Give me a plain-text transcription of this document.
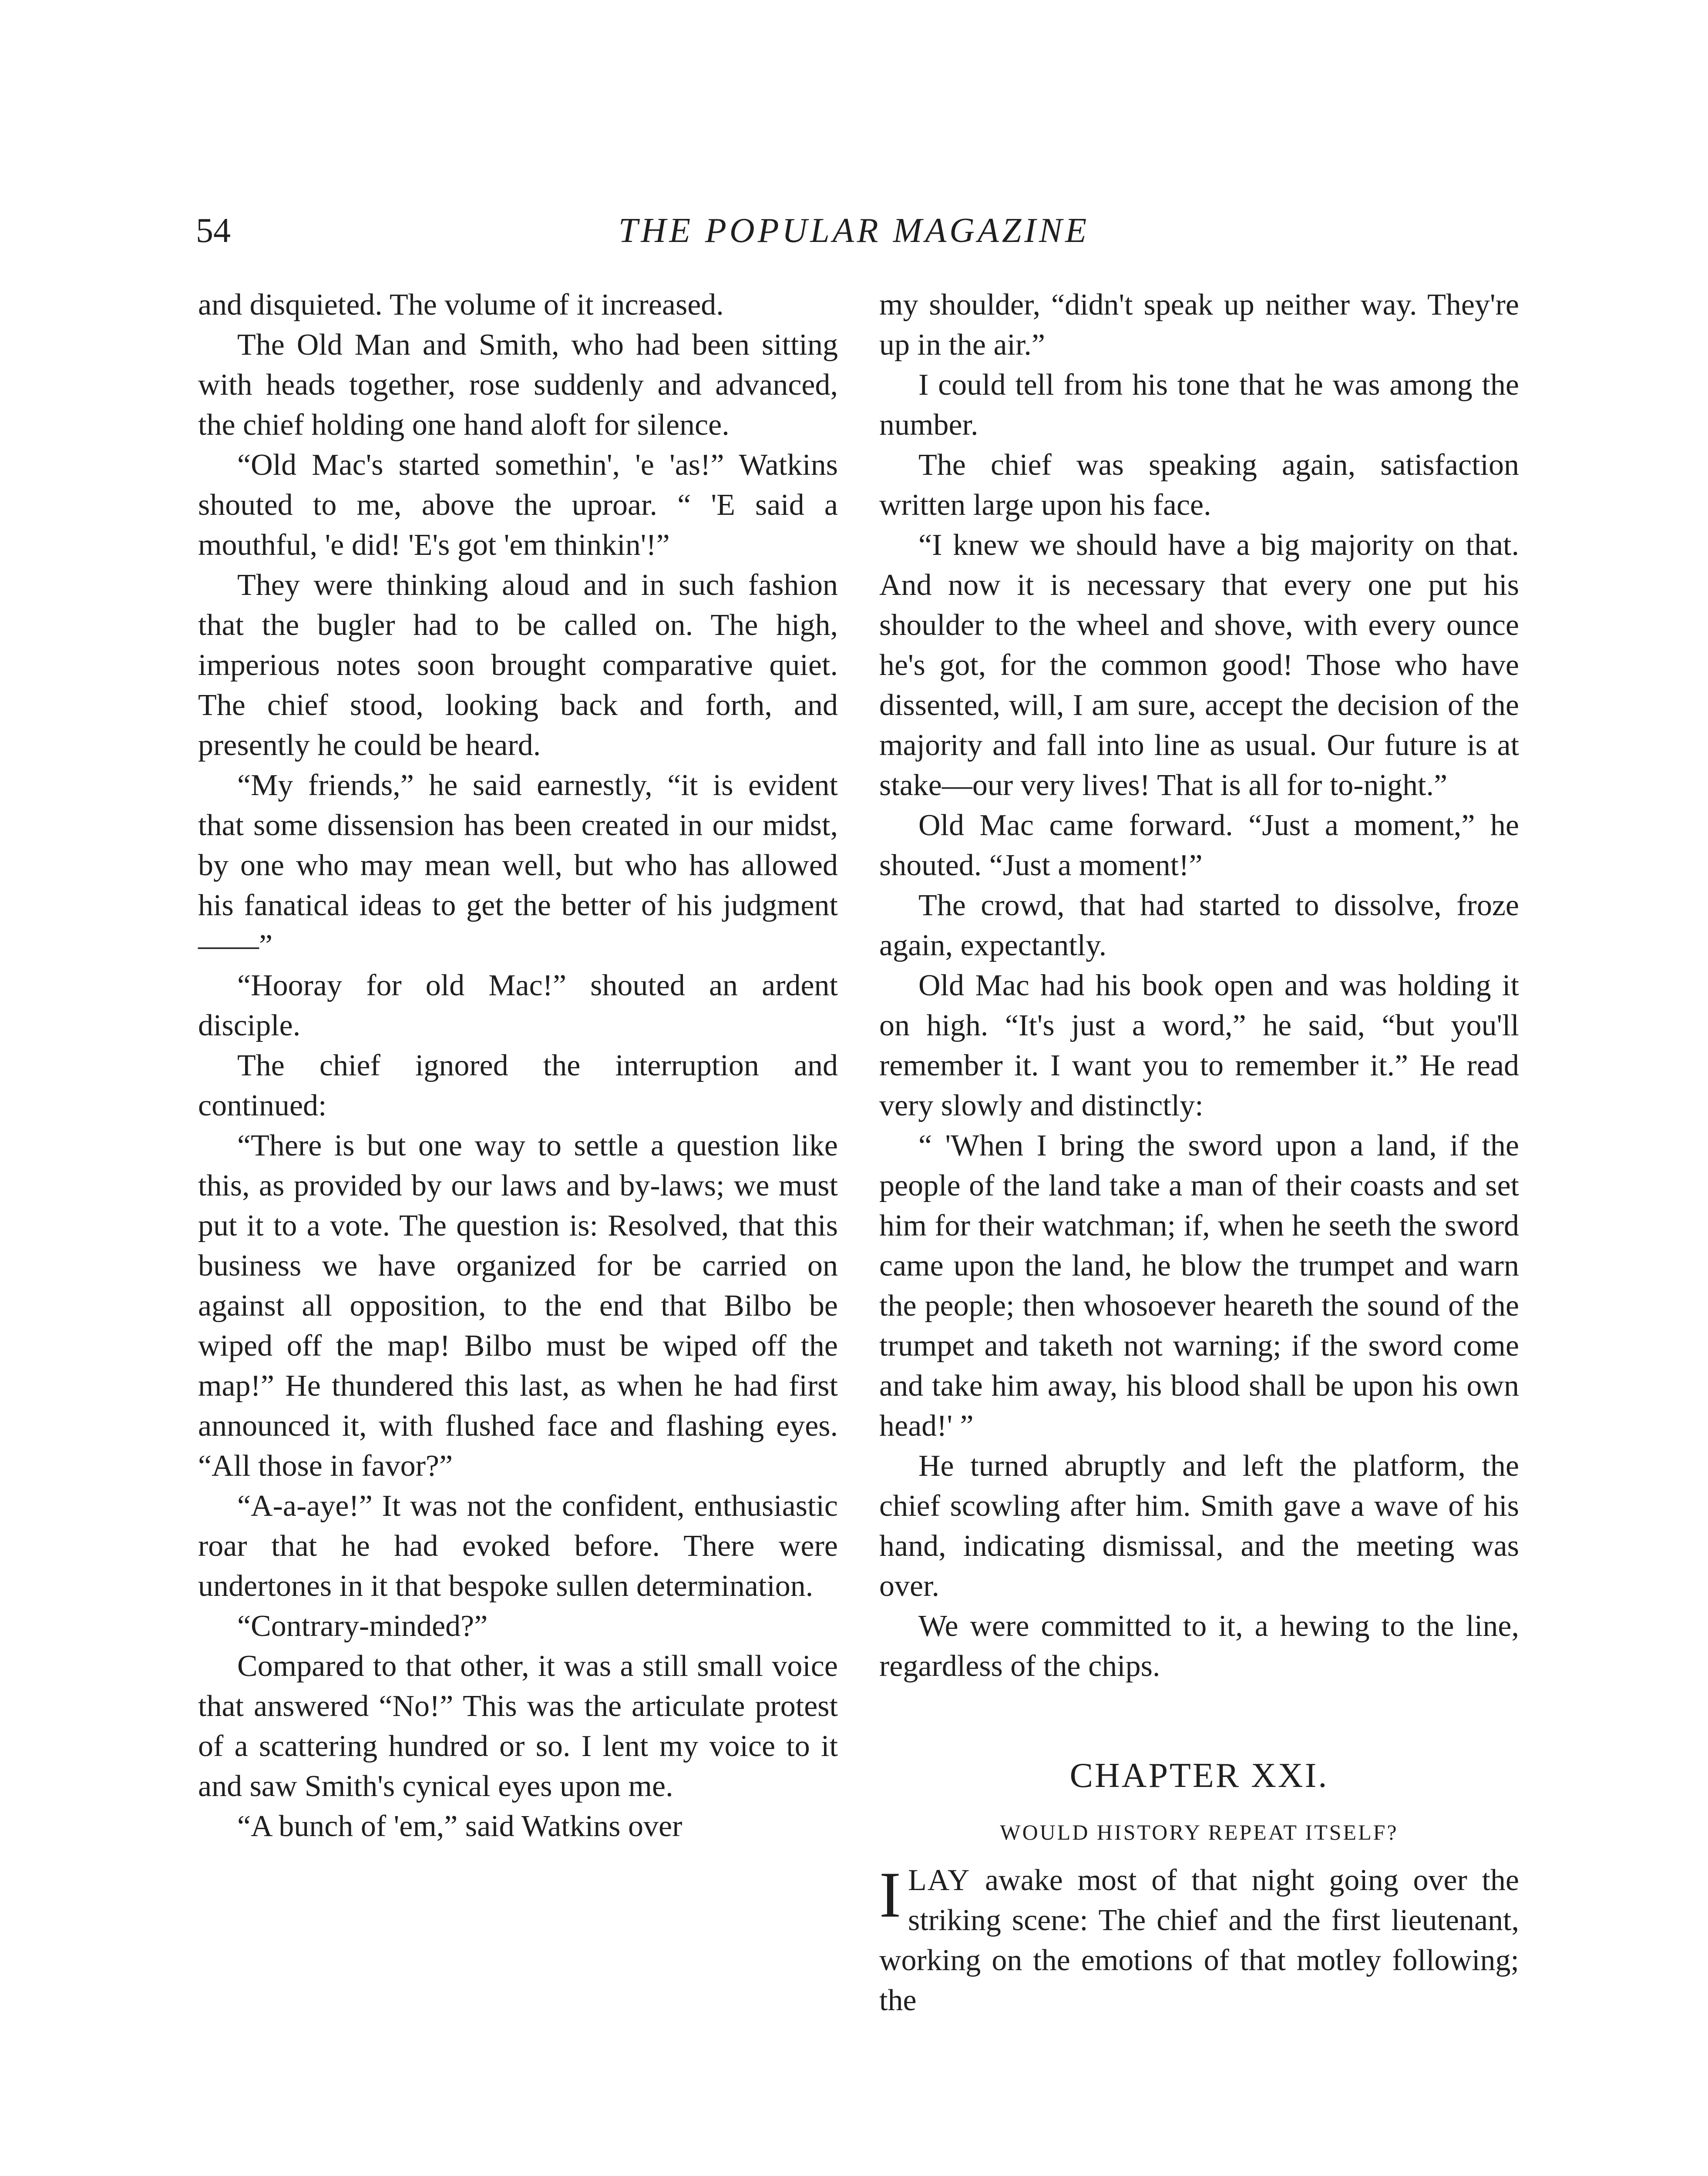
54	THE POPULAR MAGAZINE

and disquieted. The volume of it increased.

The Old Man and Smith, who had been sitting with heads together, rose suddenly and advanced, the chief holding one hand aloft for silence.

“Old Mac's started somethin', 'e 'as!” Watkins shouted to me, above the uproar. “ 'E said a mouthful, 'e did! 'E's got 'em thinkin'!”

They were thinking aloud and in such fashion that the bugler had to be called on. The high, imperious notes soon brought comparative quiet. The chief stood, looking back and forth, and presently he could be heard.

“My friends,” he said earnestly, “it is evident that some dissension has been created in our midst, by one who may mean well, but who has allowed his fanatical ideas to get the better of his judgment——”

“Hooray for old Mac!” shouted an ardent disciple.

The chief ignored the interruption and continued:

“There is but one way to settle a question like this, as provided by our laws and by-laws; we must put it to a vote. The question is: Resolved, that this business we have organized for be carried on against all opposition, to the end that Bilbo be wiped off the map! Bilbo must be wiped off the map!” He thundered this last, as when he had first announced it, with flushed face and flashing eyes. “All those in favor?”

“A-a-aye!” It was not the confident, enthusiastic roar that he had evoked before. There were undertones in it that bespoke sullen determination.

“Contrary-minded?”

Compared to that other, it was a still small voice that answered “No!” This was the articulate protest of a scattering hundred or so. I lent my voice to it and saw Smith's cynical eyes upon me.

“A bunch of 'em,” said Watkins over

my shoulder, “didn't speak up neither way. They're up in the air.”

I could tell from his tone that he was among the number.

The chief was speaking again, satisfaction written large upon his face.

“I knew we should have a big majority on that. And now it is necessary that every one put his shoulder to the wheel and shove, with every ounce he's got, for the common good! Those who have dissented, will, I am sure, accept the decision of the majority and fall into line as usual. Our future is at stake—our very lives! That is all for to-night.”

Old Mac came forward. “Just a moment,” he shouted. “Just a moment!”

The crowd, that had started to dissolve, froze again, expectantly.

Old Mac had his book open and was holding it on high. “It's just a word,” he said, “but you'll remember it. I want you to remember it.” He read very slowly and distinctly:

“ 'When I bring the sword upon a land, if the people of the land take a man of their coasts and set him for their watchman; if, when he seeth the sword came upon the land, he blow the trumpet and warn the people; then whosoever heareth the sound of the trumpet and taketh not warning; if the sword come and take him away, his blood shall be upon his own head!' ”

He turned abruptly and left the platform, the chief scowling after him. Smith gave a wave of his hand, indicating dismissal, and the meeting was over.

We were committed to it, a hewing to the line, regardless of the chips.

CHAPTER XXI.
WOULD HISTORY REPEAT ITSELF?

ILAY awake most of that night going over the striking scene: The chief and the first lieutenant, working on the emotions of that motley following; the
